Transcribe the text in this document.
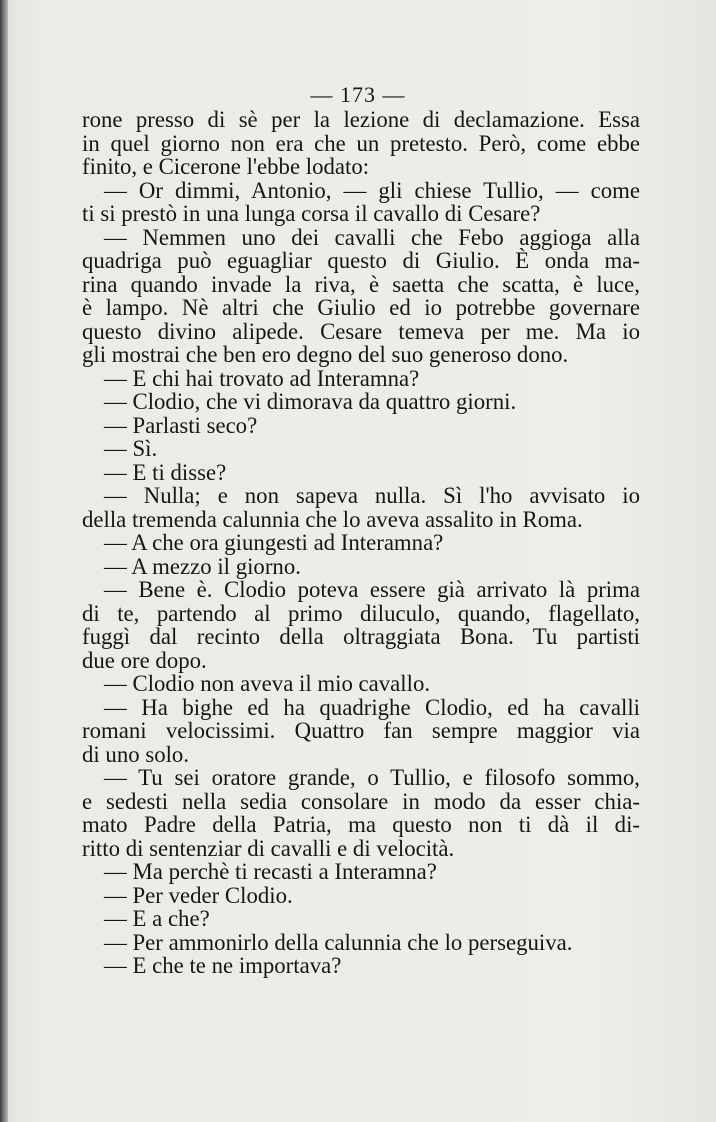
— 173 —
rone presso di sè per la lezione di declamazione. Essa
in quel giorno non era che un pretesto. Però, come ebbe
finito, e Cicerone l'ebbe lodato:
— Or dimmi, Antonio, — gli chiese Tullio, — come
ti si prestò in una lunga corsa il cavallo di Cesare?
— Nemmen uno dei cavalli che Febo aggioga alla
quadriga può eguagliar questo di Giulio. È onda ma-
rina quando invade la riva, è saetta che scatta, è luce,
è lampo. Nè altri che Giulio ed io potrebbe governare
questo divino alipede. Cesare temeva per me. Ma io
gli mostrai che ben ero degno del suo generoso dono.
— E chi hai trovato ad Interamna?
— Clodio, che vi dimorava da quattro giorni.
— Parlasti seco?
— Sì.
— E ti disse?
— Nulla; e non sapeva nulla. Sì l'ho avvisato io
della tremenda calunnia che lo aveva assalito in Roma.
— A che ora giungesti ad Interamna?
— A mezzo il giorno.
— Bene è. Clodio poteva essere già arrivato là prima
di te, partendo al primo diluculo, quando, flagellato,
fuggì dal recinto della oltraggiata Bona. Tu partisti
due ore dopo.
— Clodio non aveva il mio cavallo.
— Ha bighe ed ha quadrighe Clodio, ed ha cavalli
romani velocissimi. Quattro fan sempre maggior via
di uno solo.
— Tu sei oratore grande, o Tullio, e filosofo sommo,
e sedesti nella sedia consolare in modo da esser chia-
mato Padre della Patria, ma questo non ti dà il di-
ritto di sentenziar di cavalli e di velocità.
— Ma perchè ti recasti a Interamna?
— Per veder Clodio.
— E a che?
— Per ammonirlo della calunnia che lo perseguiva.
— E che te ne importava?
